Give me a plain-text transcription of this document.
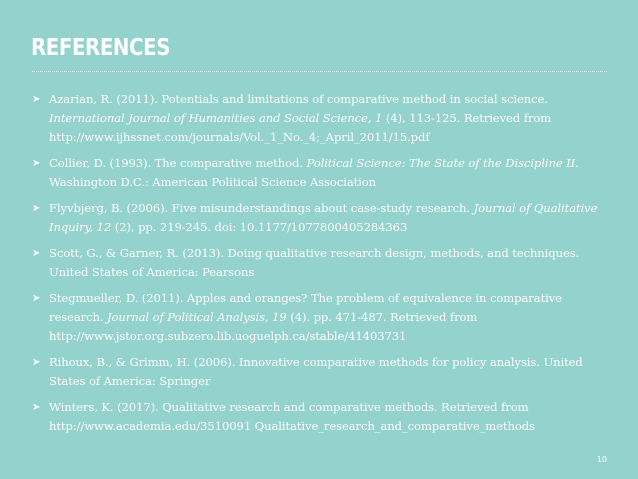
REFERENCES
➤ Azarian, R. (2011). Potentials and limitations of comparative method in social science. International Journal of Humanities and Social Science, 1 (4), 113-125. Retrieved from http://www.ijhssnet.com/journals/Vol._1_No._4;_April_2011/15.pdf
➤ Collier, D. (1993). The comparative method. Political Science: The State of the Discipline II. Washington D.C.: American Political Science Association
➤ Flyvbjerg, B. (2006). Five misunderstandings about case-study research. Journal of Qualitative Inquiry, 12 (2), pp. 219-245. doi: 10.1177/1077800405284363
➤ Scott, G., & Garner, R. (2013). Doing qualitative research design, methods, and techniques. United States of America: Pearsons
➤ Stegmueller, D. (2011). Apples and oranges? The problem of equivalence in comparative research. Journal of Political Analysis, 19 (4). pp. 471-487. Retrieved from http://www.jstor.org.subzero.lib.uoguelph.ca/stable/41403731
➤ Rihoux, B., & Grimm, H. (2006). Innovative comparative methods for policy analysis. United States of America: Springer
➤ Winters, K. (2017). Qualitative research and comparative methods. Retrieved from http://www.academia.edu/3510091 Qualitative_research_and_comparative_methods
10
